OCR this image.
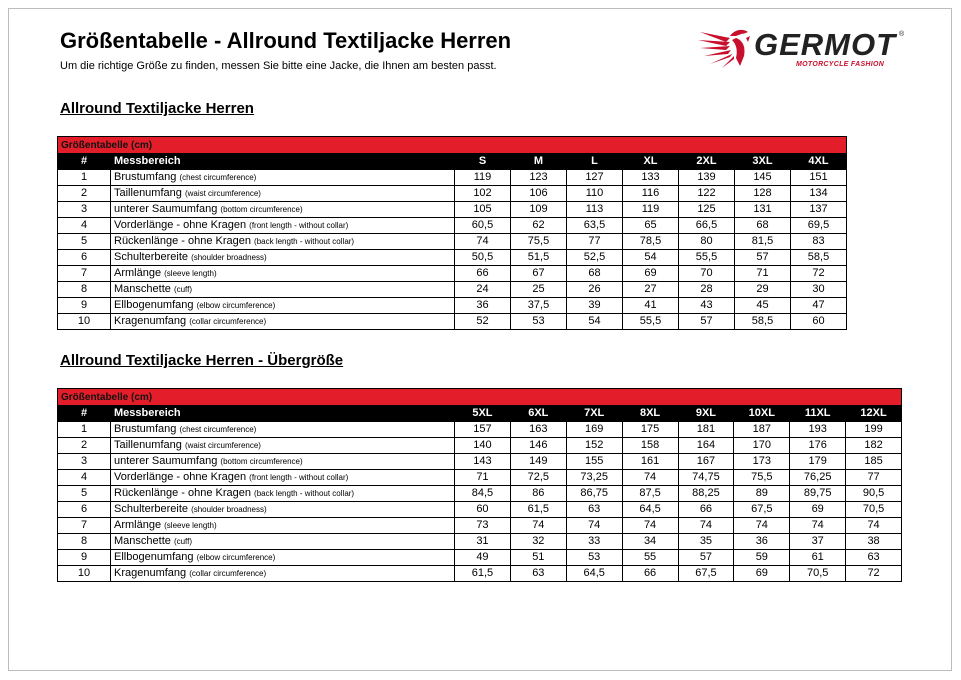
Größentabelle - Allround Textiljacke Herren

Um die richtige Größe zu finden, messen Sie bitte eine Jacke, die Ihnen am besten passt.

GERMOT ®
MOTORCYCLE FASHION
Allround Textiljacke Herren
Größentabelle (cm)								
#	Messbereich	S	M	L	XL	2XL	3XL	4XL
1	Brustumfang (chest circumference)	119	123	127	133	139	145	151
2	Taillenumfang (waist circumference)	102	106	110	116	122	128	134
3	unterer Saumumfang (bottom circumference)	105	109	113	119	125	131	137
4	Vorderlänge - ohne Kragen (front length - without collar)	60,5	62	63,5	65	66,5	68	69,5
5	Rückenlänge - ohne Kragen (back length - without collar)	74	75,5	77	78,5	80	81,5	83
6	Schulterbereite (shoulder broadness)	50,5	51,5	52,5	54	55,5	57	58,5
7	Armlänge (sleeve length)	66	67	68	69	70	71	72
8	Manschette (cuff)	24	25	26	27	28	29	30
9	Ellbogenumfang (elbow circumference)	36	37,5	39	41	43	45	47
10	Kragenumfang (collar circumference)	52	53	54	55,5	57	58,5	60
Allround Textiljacke Herren - Übergröße
Größentabelle (cm)									
#	Messbereich	5XL	6XL	7XL	8XL	9XL	10XL	11XL	12XL
1	Brustumfang (chest circumference)	157	163	169	175	181	187	193	199
2	Taillenumfang (waist circumference)	140	146	152	158	164	170	176	182
3	unterer Saumumfang (bottom circumference)	143	149	155	161	167	173	179	185
4	Vorderlänge - ohne Kragen (front length - without collar)	71	72,5	73,25	74	74,75	75,5	76,25	77
5	Rückenlänge - ohne Kragen (back length - without collar)	84,5	86	86,75	87,5	88,25	89	89,75	90,5
6	Schulterbereite (shoulder broadness)	60	61,5	63	64,5	66	67,5	69	70,5
7	Armlänge (sleeve length)	73	74	74	74	74	74	74	74
8	Manschette (cuff)	31	32	33	34	35	36	37	38
9	Ellbogenumfang (elbow circumference)	49	51	53	55	57	59	61	63
10	Kragenumfang (collar circumference)	61,5	63	64,5	66	67,5	69	70,5	72
